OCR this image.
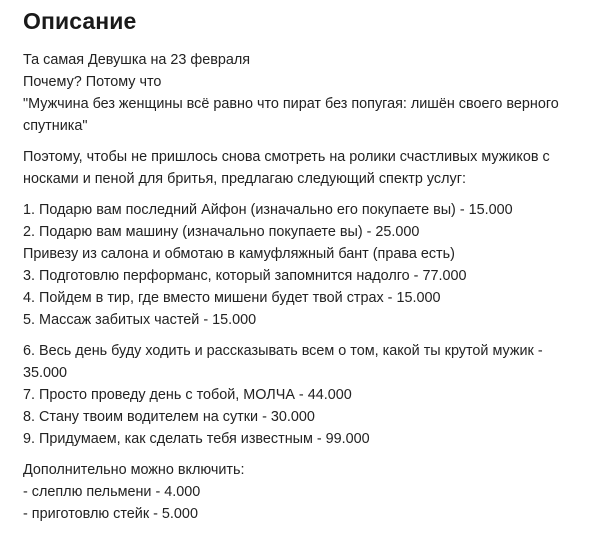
Описание

Та самая Девушка на 23 февраля
Почему? Потому что
"Мужчина без женщины всё равно что пират без попугая: лишён своего верного
спутника"

Поэтому, чтобы не пришлось снова смотреть на ролики счастливых мужиков с
носками и пеной для бритья, предлагаю следующий спектр услуг:

1. Подарю вам последний Айфон (изначально его покупаете вы) - 15.000
2. Подарю вам машину (изначально покупаете вы) - 25.000
Привезу из салона и обмотаю в камуфляжный бант (права есть)
3. Подготовлю перформанс, который запомнится надолго - 77.000
4. Пойдем в тир, где вместо мишени будет твой страх - 15.000
5. Массаж забитых частей - 15.000

6. Весь день буду ходить и рассказывать всем о том, какой ты крутой мужик -
35.000
7. Просто проведу день с тобой, МОЛЧА - 44.000
8. Стану твоим водителем на сутки - 30.000
9. Придумаем, как сделать тебя известным - 99.000

Дополнительно можно включить:
- слеплю пельмени - 4.000
- приготовлю стейк - 5.000
